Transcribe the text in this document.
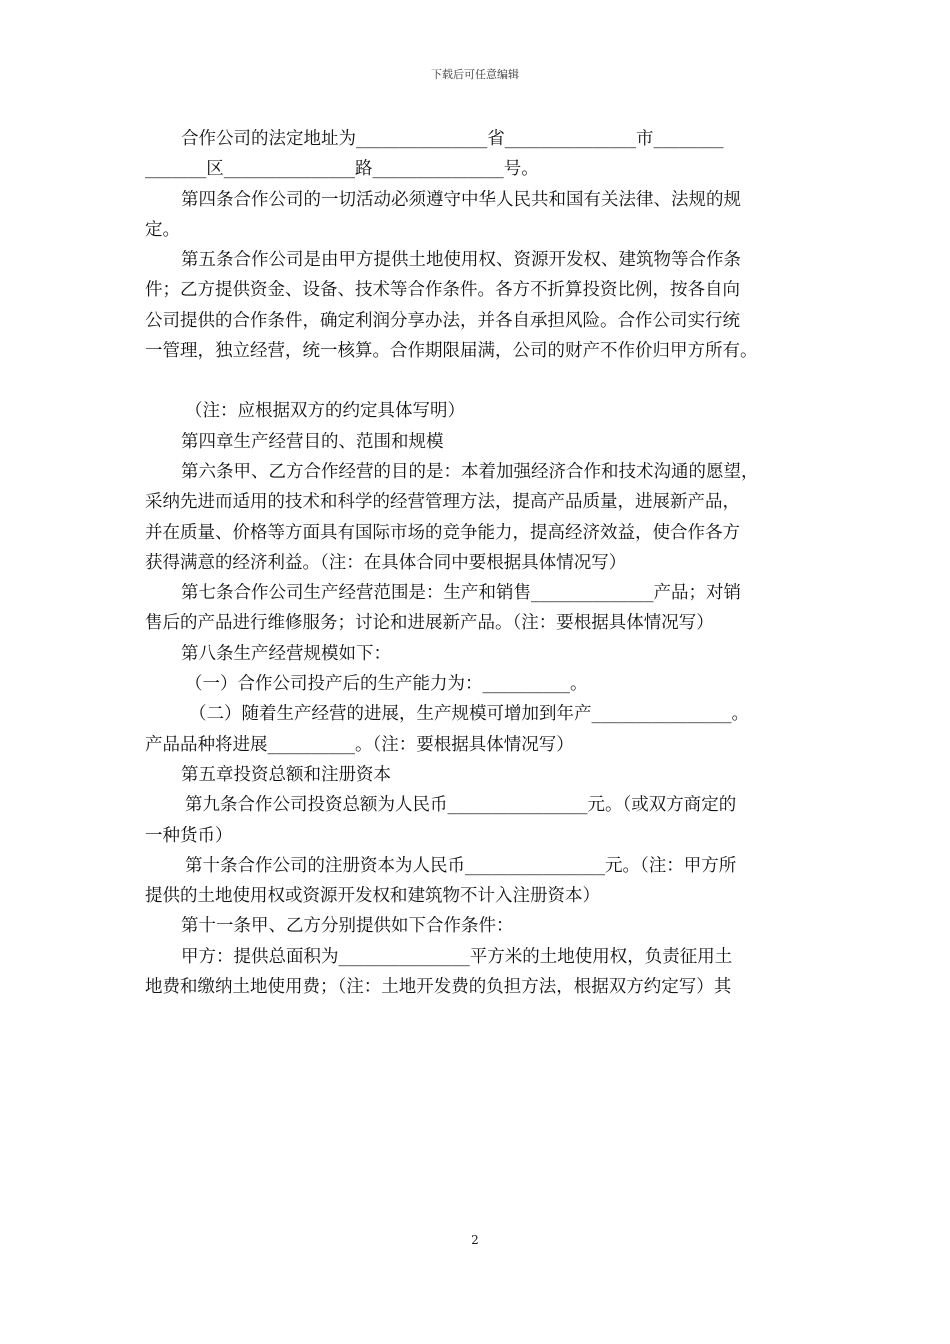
下载后可任意编辑

合作公司的法定地址为_______________省_______________市________

_______区_______________路_______________号。

第四条合作公司的一切活动必须遵守中华人民共和国有关法律、法规的规

定。

第五条合作公司是由甲方提供土地使用权、资源开发权、建筑物等合作条

件；乙方提供资金、设备、技术等合作条件。各方不折算投资比例，按各自向

公司提供的合作条件，确定利润分享办法，并各自承担风险。合作公司实行统

一管理，独立经营，统一核算。合作期限届满，公司的财产不作价归甲方所有。

（注：应根据双方的约定具体写明）

第四章生产经营目的、范围和规模

第六条甲、乙方合作经营的目的是：本着加强经济合作和技术沟通的愿望，

采纳先进而适用的技术和科学的经营管理方法，提高产品质量，进展新产品，

并在质量、价格等方面具有国际市场的竞争能力，提高经济效益，使合作各方

获得满意的经济利益。（注：在具体合同中要根据具体情况写）

第七条合作公司生产经营范围是：生产和销售______________产品；对销

售后的产品进行维修服务；讨论和进展新产品。（注：要根据具体情况写）

第八条生产经营规模如下：

（一）合作公司投产后的生产能力为：__________。

（二）随着生产经营的进展，生产规模可增加到年产________________。

产品品种将进展__________。（注：要根据具体情况写）

第五章投资总额和注册资本

第九条合作公司投资总额为人民币________________元。（或双方商定的

一种货币）

第十条合作公司的注册资本为人民币________________元。（注：甲方所

提供的土地使用权或资源开发权和建筑物不计入注册资本）

第十一条甲、乙方分别提供如下合作条件：

甲方：提供总面积为_______________平方米的土地使用权，负责征用土

地费和缴纳土地使用费；（注：土地开发费的负担方法，根据双方约定写）其

2
